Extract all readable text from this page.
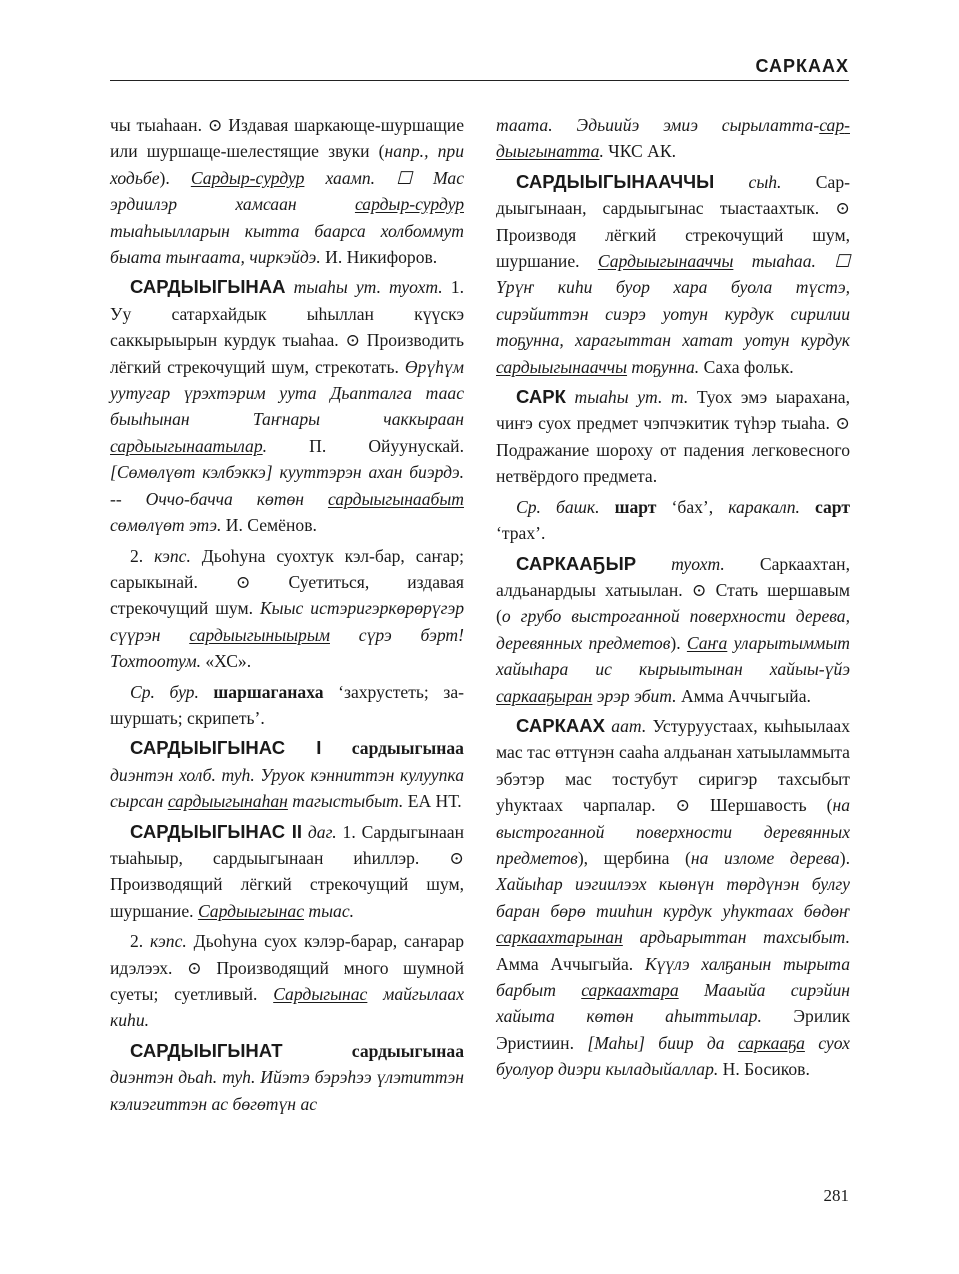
САРКААХ

чы тыаhаан. ⊙ Издавая шаркающе-шуршащие или шуршаще-шелестящие звуки (напр., при ходьбе). Сардыр-сурдур хаамп. ☐ Мас эрдиилэр хамсаан сардыр-сурдур тыаhыылларын кытта баарса холбоммут быата тыҥаата, чиркэйдэ. И. Никифоров.

САРДЫЫГЫНАА тыаhы ут. туохт. 1. Уу сатархайдык ыhыллан күүскэ саккырыырын курдук тыаhаа. ⊙ Производить лёгкий стрекочущий шум, стрекотать. Өрүһүм уутугар үрэхтэрим уута Дьапталга таас быыһынан Таҥнары чаккыраан сардыыгынаатылар. П. Ойуунускай. [Сөмөлүөт кэлбэккэ] кууттэрэн ахан биэрдэ. -- Оччо-бачча көтөн сардыыгынаабыт сөмөлүөт этэ. И. Семёнов.

2. кэпс. Дьоhуна суохтук кэл-бар, саҥар; сарыкынай. ⊙ Суетиться, издавая стрекочущий шум. Кыыс истэригэркөрөрүгэр сүүрэн сардыыгыныырым сүрэ бэрт! Тохтоотум. «ХС».

Ср. бур. шаршаганаха ‘захрустеть; зашуршать; скрипеть’.

САРДЫЫГЫНАС I сардыыгынаа диэнтэн холб. туh. Уруок кэнниттэн кулуупка сырсан сардыыгынаhан тагыстыбыт. ЕА НТ.

САРДЫЫГЫНАС II даг. 1. Сардыгынаан тыаhыыр, сардыыгынаан иhиллэр. ⊙ Производящий лёгкий стрекочущий шум, шуршание. Сардыыгынас тыас.

2. кэпс. Дьоhуна суох кэлэр-барар, саҥарар идэлээх. ⊙ Производящий много шумной суеты; суетливый. Сардыгынас майгылаах киhи.

САРДЫЫГЫНАТ сардыыгынаа диэнтэн дьаh. туh. Ийэтэ бэрэhээ үлэтиттэн кэлиэгиттэн ас бөгөтүн ас

таата. Эдьиийэ эмиэ сырылатта-сардыыгынатта. ЧКС АК.

САРДЫЫГЫНААЧЧЫ сыh. Сардыыгынаан, сардыыгынас тыастаахтык. ⊙ Производя лёгкий стрекочущий шум, шуршание. Сардыыгынааччы тыаhаа. ☐ Үрүҥ киhи буор хара буола түстэ, сирэйиттэн сиэрэ уотун курдук сирилии тоҕунна, харагыттан хатат уотун курдук сардыыгынааччы тоҕунна. Саха фольк.

САРК тыаhы ут. т. Туох эмэ ыарахана, чиҥэ суох предмет чэпчэкитик түhэр тыаhа. ⊙ Подражание шороху от падения легковесного нетвёрдого предмета.

Ср. башк. шарт ‘бах’, каракалп. сарт ‘трах’.

САРКААҔЫР туохт. Саркаахтан, алдьанардыы хатыылан. ⊙ Стать шершавым (о грубо выстроганной поверхности дерева, деревянных предметов). Саҥа уларытыммыт хайыhара ис кырыытынан хайыы-үйэ саркааҕыран эрэр эбит. Амма Аччыгыйа.

САРКААХ аат. Устуруустаах, кыhыылаах мас тас өттүнэн сааhа алдьанан хатыыламмыта эбэтэр мас тостубут сиригэр тахсыбыт уhуктаах чарпалар. ⊙ Шершавость (на выстроганной поверхности деревянных предметов), щербина (на изломе дерева). Хайыhар иэгиилээх кыөнүн төрдүнэн булгу баран бөрө тииhин курдук уhуктаах бөдөҥ саркаахтарынан ардьарыттан тахсыбыт. Амма Аччыгыйа. Күүлэ халҕанын тырыта барбыт саркаахтара Мааыйа сирэйин хайыта көтөн аhыттылар. Эрилик Эристиин. [Маhы] биир да саркааҕа суох буолуор диэри кыладыйаллар. Н. Босиков.

281
